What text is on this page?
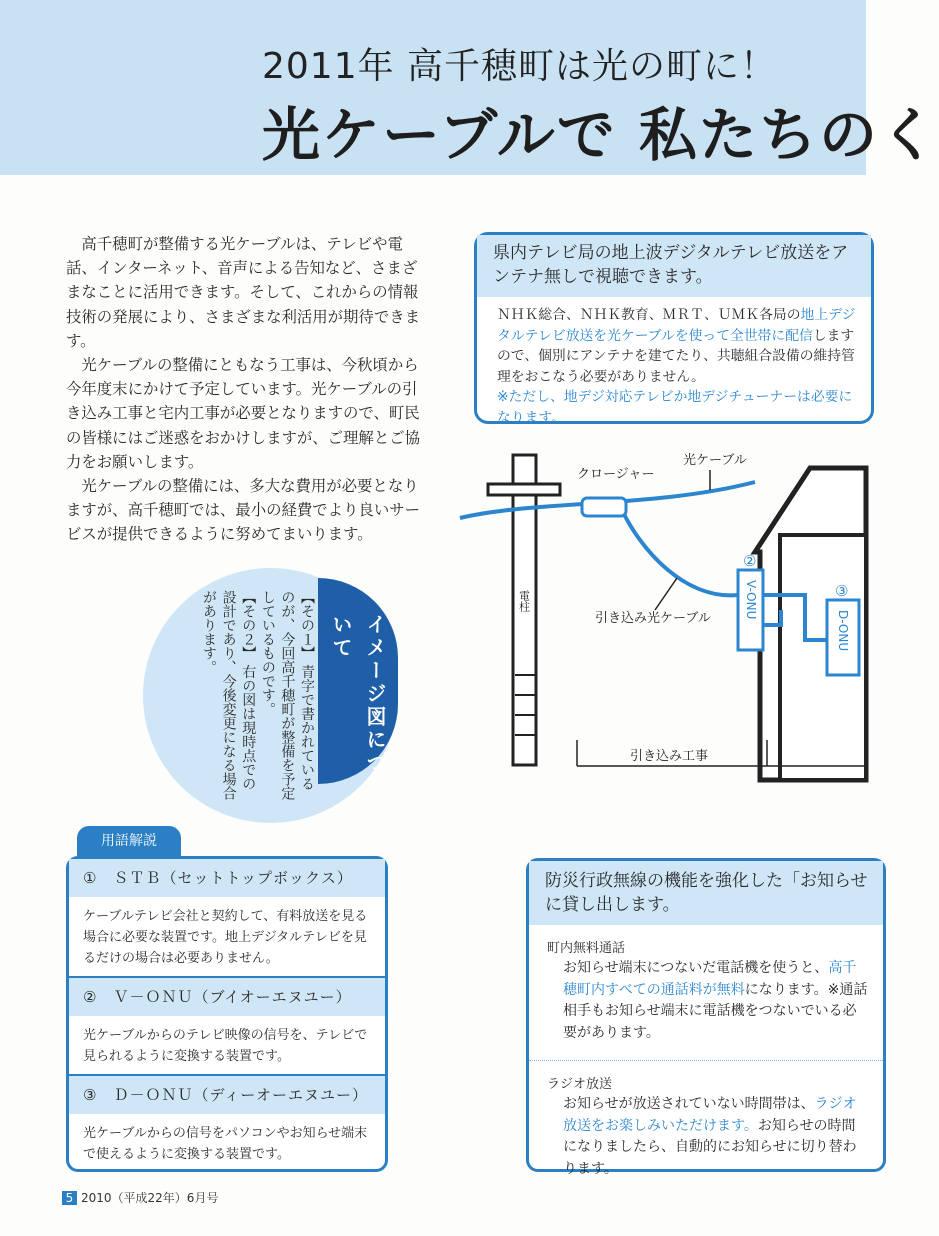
2011年 高千穂町は光の町に！
光ケーブルで 私たちのく

高千穂町が整備する光ケーブルは、テレビや電話、インターネット、音声による告知など、さまざまなことに活用できます。そして、これからの情報技術の発展により、さまざまな利活用が期待できます。

光ケーブルの整備にともなう工事は、今秋頃から今年度末にかけて予定しています。光ケーブルの引き込み工事と宅内工事が必要となりますので、町民の皆様にはご迷惑をおかけしますが、ご理解とご協力をお願いします。

光ケーブルの整備には、多大な費用が必要となりますが、高千穂町では、最小の経費でより良いサービスが提供できるように努めてまいります。

県内テレビ局の地上波デジタルテレビ放送をアンテナ無しで視聴できます。
ＮＨＫ総合、ＮＨＫ教育、ＭＲＴ、ＵＭＫ各局の地上デジタルテレビ放送を光ケーブルを使って全世帯に配信しますので、個別にアンテナを建てたり、共聴組合設備の維持管理をおこなう必要がありません。
※ただし、地デジ対応テレビか地デジチューナーは必要になります。
電柱	V-ONU
D-ONU
②
③
光ケーブル
クロージャー
引き込み光ケーブル
引き込み工事
【その１】 青字で書かれているのが、今回高千穂町が整備を予定しているものです。
【その２】 右の図は現時点での設計であり、今後変更になる場合があります。	イメージ図について
用語解説
①　ＳＴＢ（セットトップボックス）
ケーブルテレビ会社と契約して、有料放送を見る場合に必要な装置です。地上デジタルテレビを見るだけの場合は必要ありません。
②　Ｖ－ＯＮＵ（ブイオーエヌユー）
光ケーブルからのテレビ映像の信号を、テレビで見られるように変換する装置です。
③　Ｄ－ＯＮＵ（ディーオーエヌユー）
光ケーブルからの信号をパソコンやお知らせ端末で使えるように変換する装置です。
防災行政無線の機能を強化した「お知らせ
に貸し出します。
町内無料通話
お知らせ端末につないだ電話機を使うと、高千穂町内すべての通話料が無料になります。※通話相手もお知らせ端末に電話機をつないでいる必要があります。
ラジオ放送
お知らせが放送されていない時間帯は、ラジオ放送をお楽しみいただけます。お知らせの時間になりましたら、自動的にお知らせに切り替わります。
5 2010（平成22年）6月号
